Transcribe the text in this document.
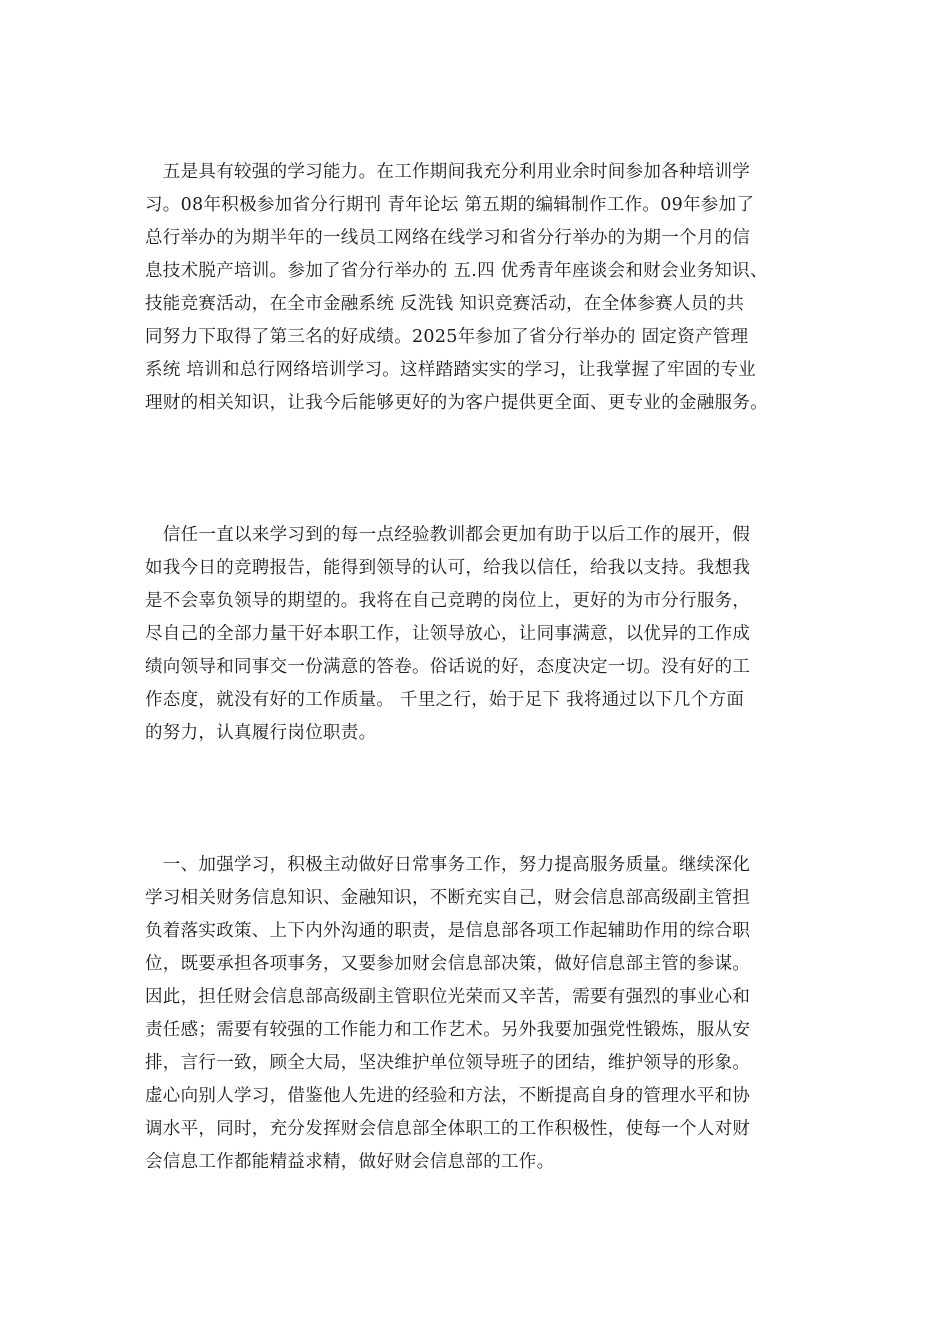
　五是具有较强的学习能力。在工作期间我充分利用业余时间参加各种培训学
习。08年积极参加省分行期刊 青年论坛 第五期的编辑制作工作。09年参加了
总行举办的为期半年的一线员工网络在线学习和省分行举办的为期一个月的信
息技术脱产培训。参加了省分行举办的 五.四 优秀青年座谈会和财会业务知识、
技能竞赛活动，在全市金融系统 反洗钱 知识竞赛活动，在全体参赛人员的共
同努力下取得了第三名的好成绩。2025年参加了省分行举办的 固定资产管理
系统 培训和总行网络培训学习。这样踏踏实实的学习，让我掌握了牢固的专业
理财的相关知识，让我今后能够更好的为客户提供更全面、更专业的金融服务。
　信任一直以来学习到的每一点经验教训都会更加有助于以后工作的展开，假
如我今日的竞聘报告，能得到领导的认可，给我以信任，给我以支持。我想我
是不会辜负领导的期望的。我将在自己竞聘的岗位上，更好的为市分行服务，
尽自己的全部力量干好本职工作，让领导放心，让同事满意，以优异的工作成
绩向领导和同事交一份满意的答卷。俗话说的好，态度决定一切。没有好的工
作态度，就没有好的工作质量。 千里之行，始于足下 我将通过以下几个方面
的努力，认真履行岗位职责。
　一、加强学习，积极主动做好日常事务工作，努力提高服务质量。继续深化
学习相关财务信息知识、金融知识，不断充实自己，财会信息部高级副主管担
负着落实政策、上下内外沟通的职责，是信息部各项工作起辅助作用的综合职
位，既要承担各项事务，又要参加财会信息部决策，做好信息部主管的参谋。
因此，担任财会信息部高级副主管职位光荣而又辛苦，需要有强烈的事业心和
责任感；需要有较强的工作能力和工作艺术。另外我要加强党性锻炼，服从安
排，言行一致，顾全大局，坚决维护单位领导班子的团结，维护领导的形象。
虚心向别人学习，借鉴他人先进的经验和方法，不断提高自身的管理水平和协
调水平，同时，充分发挥财会信息部全体职工的工作积极性，使每一个人对财
会信息工作都能精益求精，做好财会信息部的工作。
